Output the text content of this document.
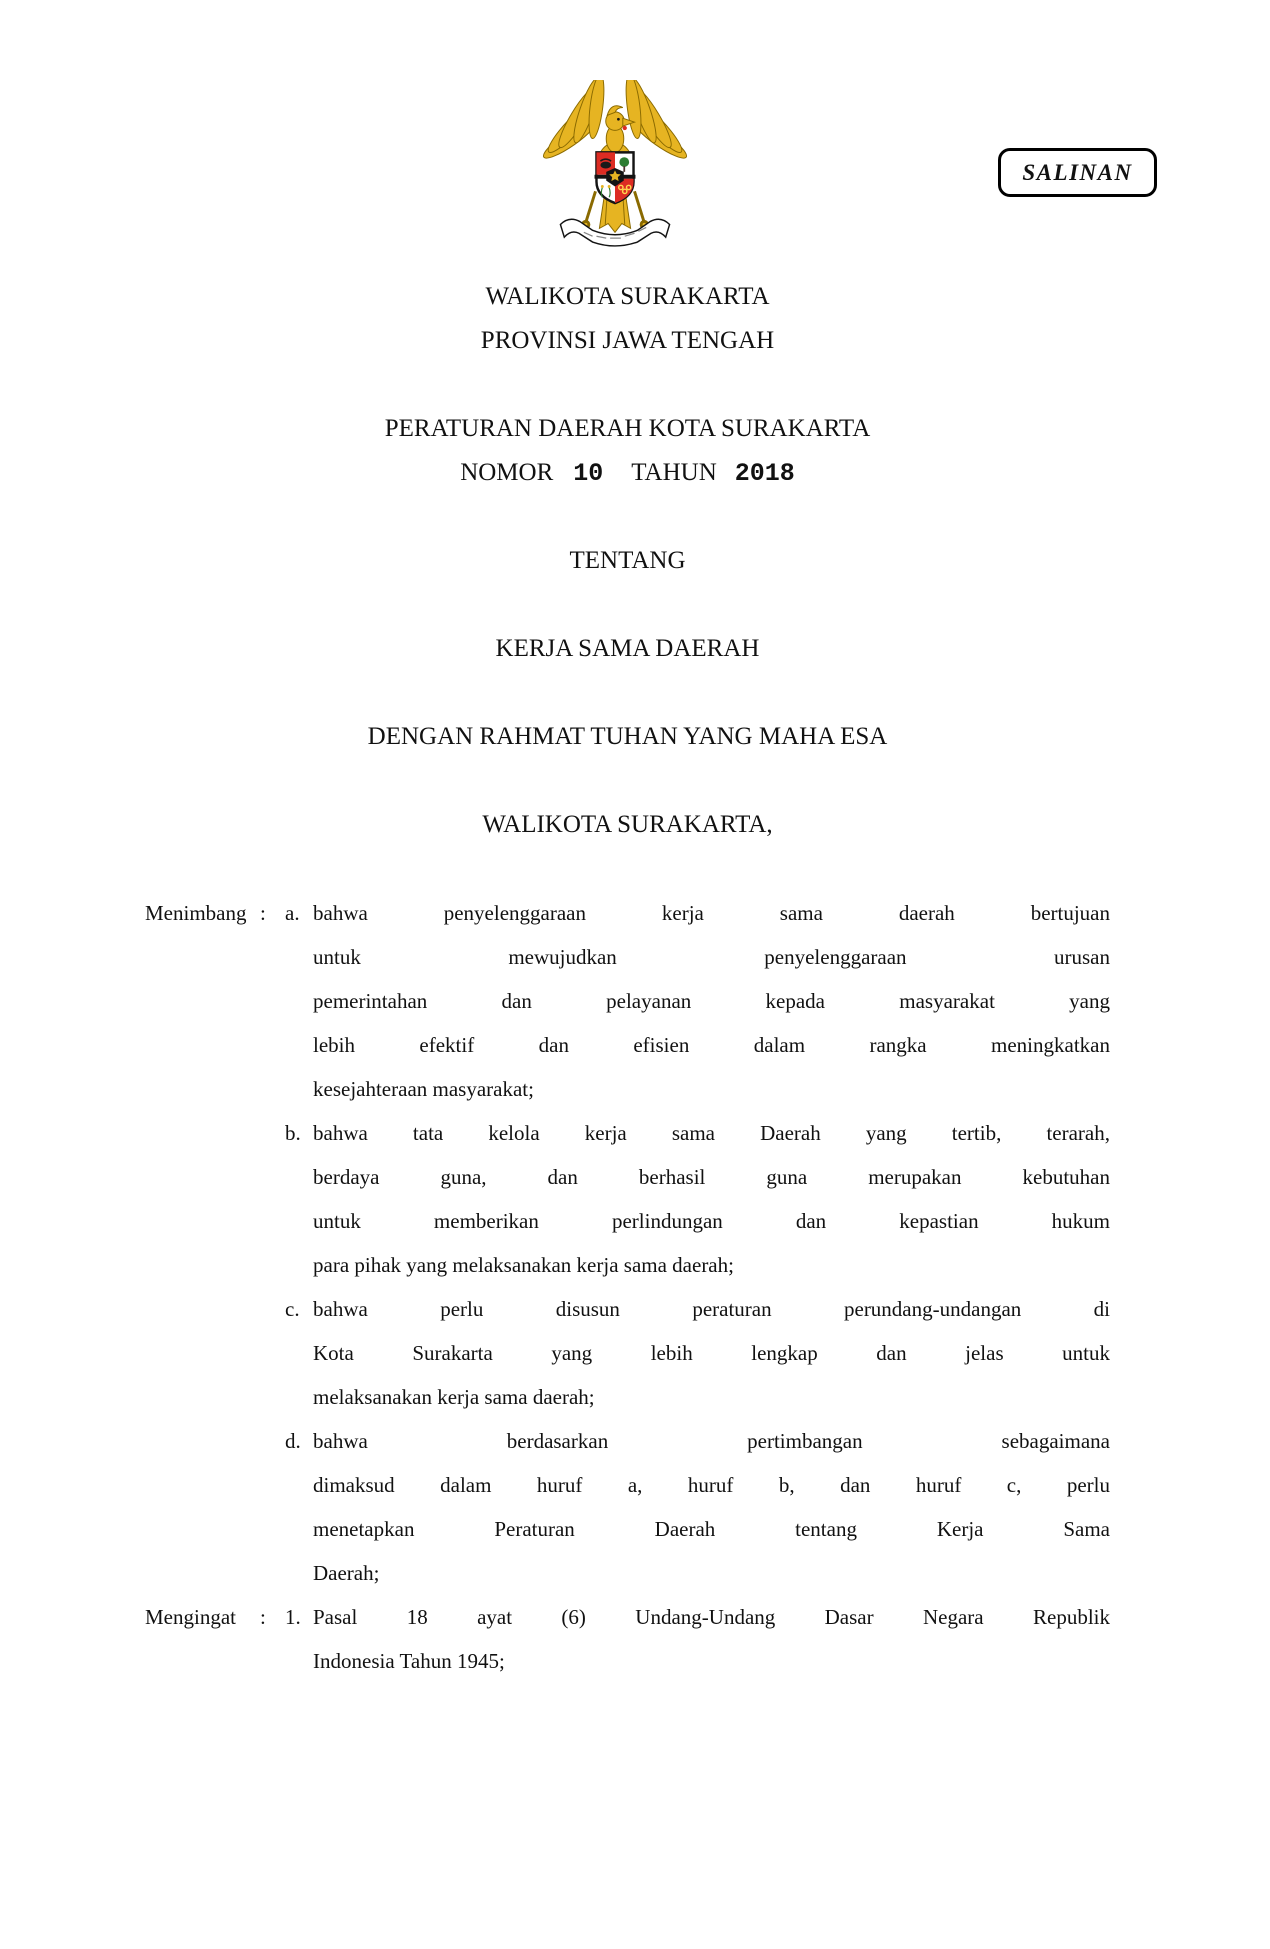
SALINAN
WALIKOTA SURAKARTA
PROVINSI JAWA TENGAH
PERATURAN DAERAH KOTA SURAKARTA
NOMOR 10 TAHUN 2018
TENTANG
KERJA SAMA DAERAH
DENGAN RAHMAT TUHAN YANG MAHA ESA
WALIKOTA SURAKARTA,
Menimbang : a. bahwa penyelenggaraan kerja sama daerah bertujuan
untuk mewujudkan penyelenggaraan urusan
pemerintahan dan pelayanan kepada masyarakat yang
lebih efektif dan efisien dalam rangka meningkatkan
kesejahteraan masyarakat;
b. bahwa tata kelola kerja sama Daerah yang tertib, terarah,
berdaya guna, dan berhasil guna merupakan kebutuhan
untuk memberikan perlindungan dan kepastian hukum
para pihak yang melaksanakan kerja sama daerah;
c. bahwa perlu disusun peraturan perundang-undangan di
Kota Surakarta yang lebih lengkap dan jelas untuk
melaksanakan kerja sama daerah;
d. bahwa berdasarkan pertimbangan sebagaimana
dimaksud dalam huruf a, huruf b, dan huruf c, perlu
menetapkan Peraturan Daerah tentang Kerja Sama
Daerah;
Mengingat	: 1. Pasal 18 ayat (6) Undang-Undang Dasar Negara Republik
Indonesia Tahun 1945;
